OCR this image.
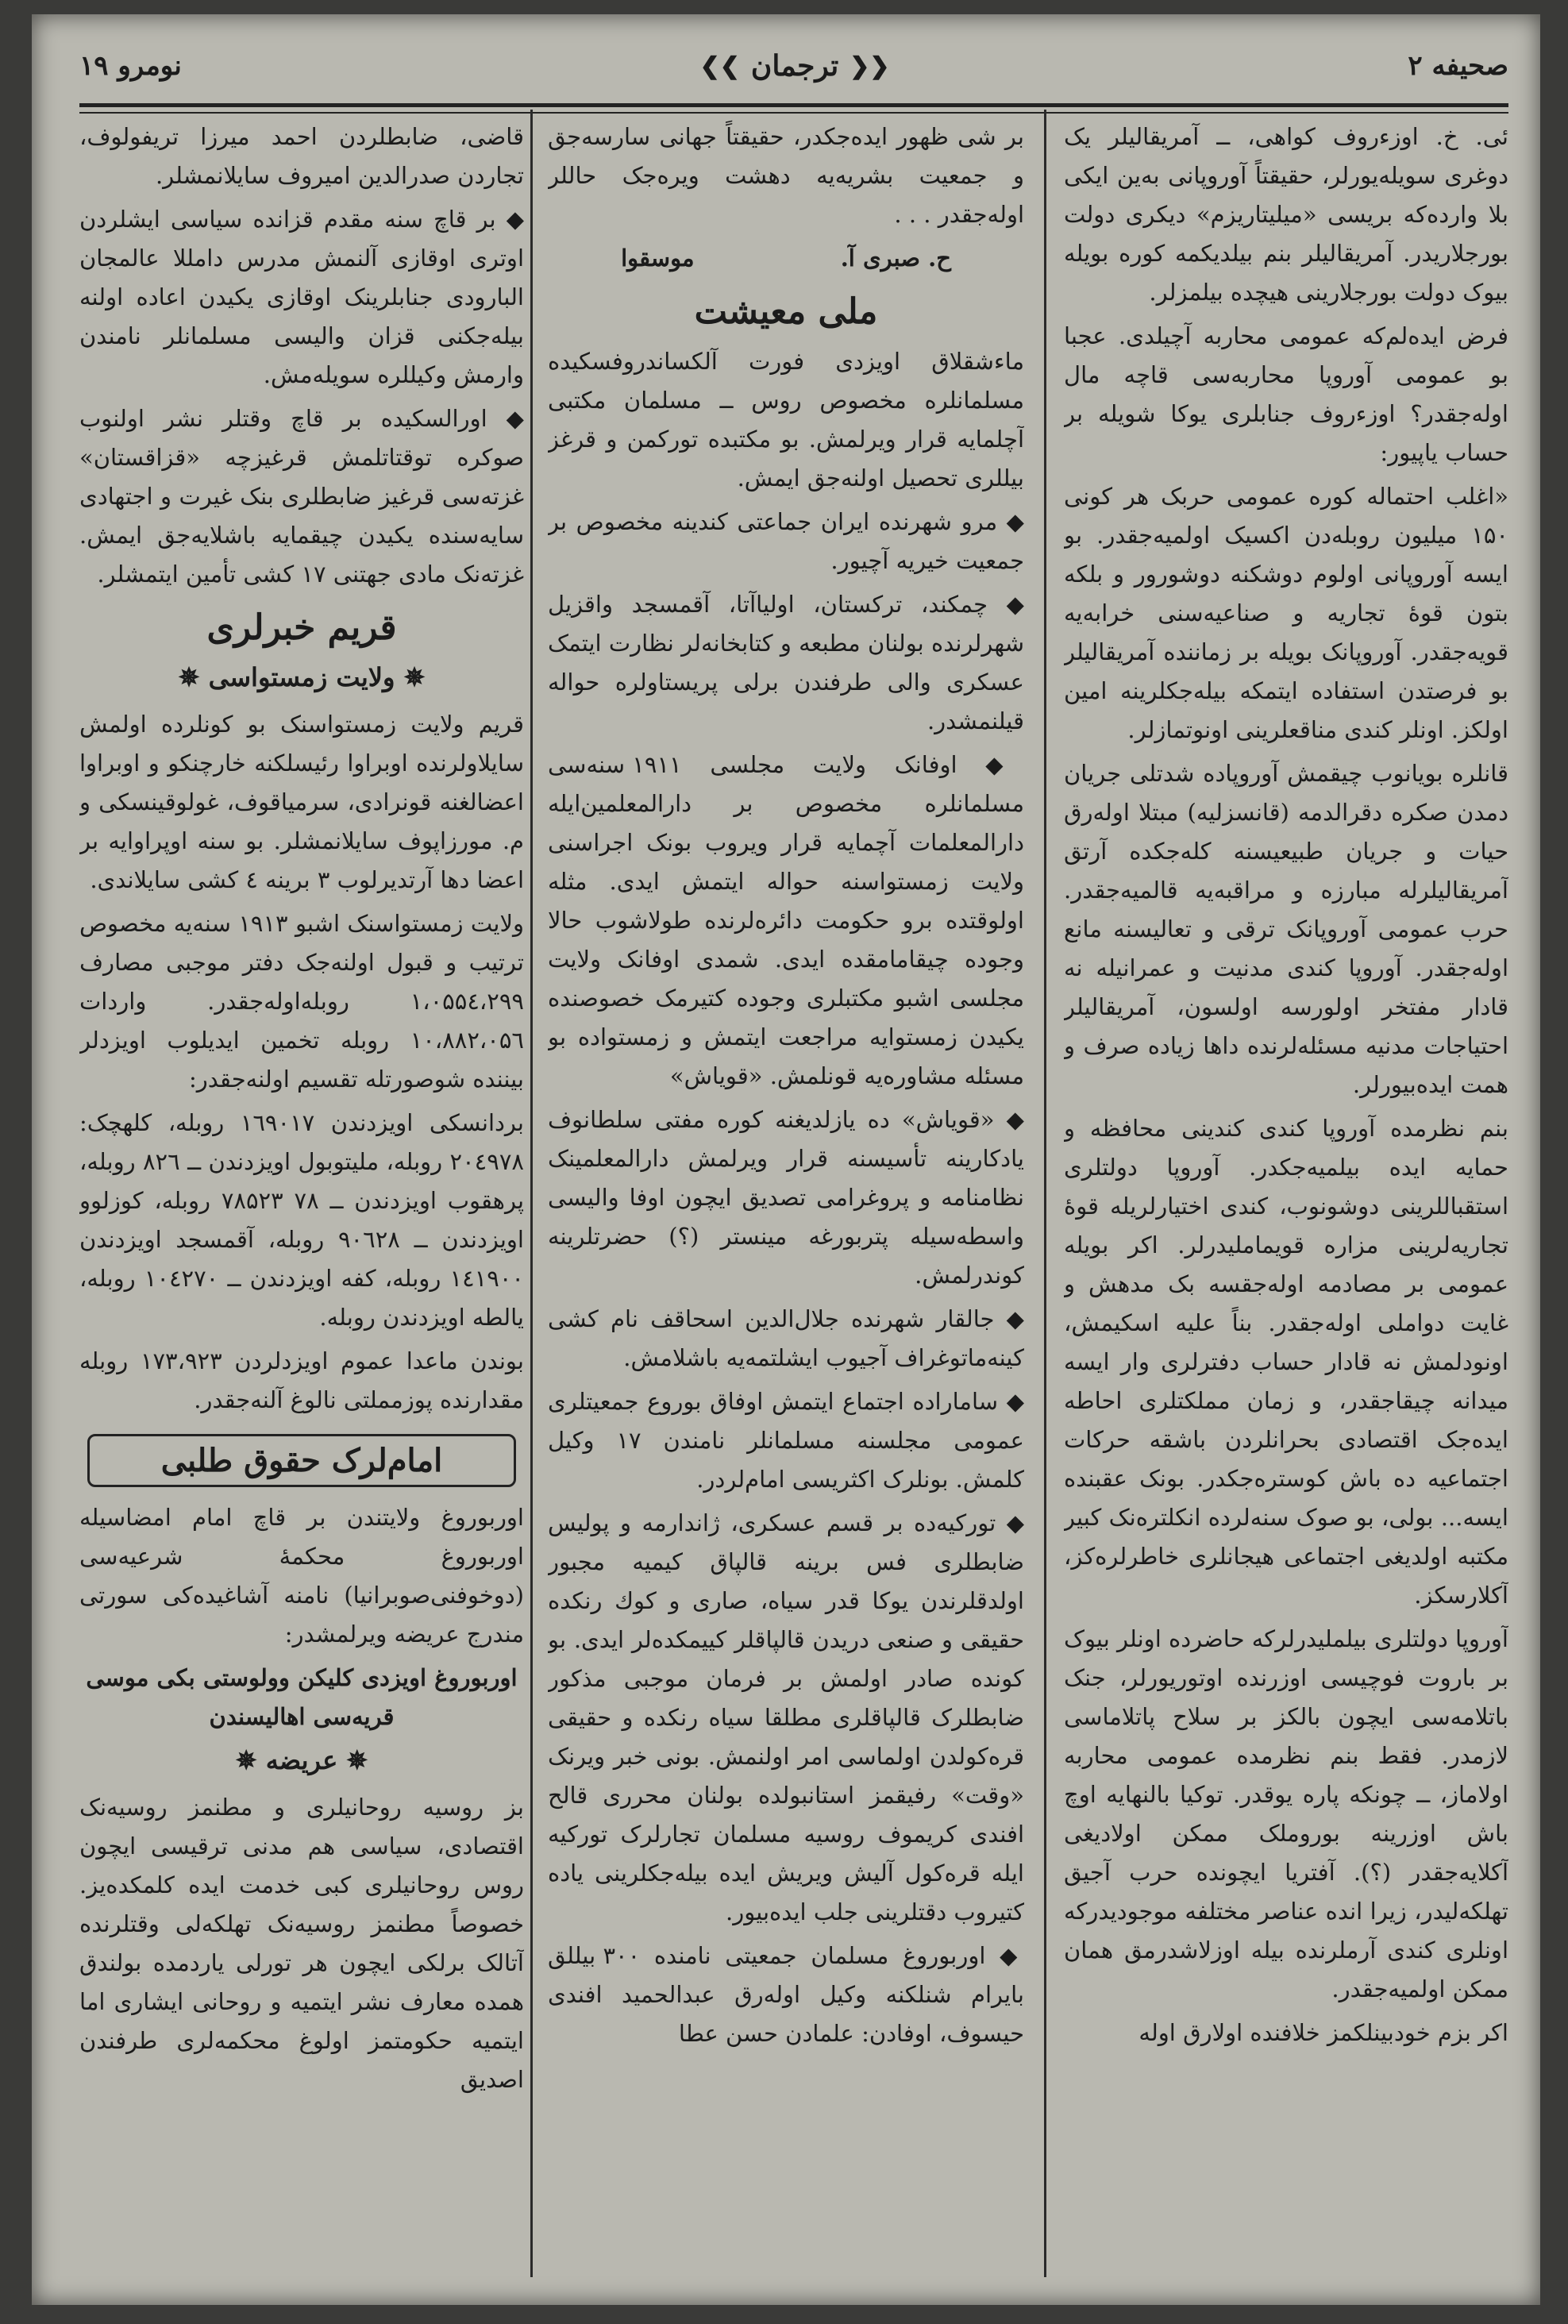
صحیفه ۲
❮❮
ترجمان
❯❯
نومرو ۱۹

ئی. خ. اوزءروف کواهی، ــ آمریقالیلر یک دوغری سویله‌یورلر، حقیقتاً آوروپانی بەین ایکی بلا وارده‌که بریسی «میلیتاریزم» دیکری دولت بورجلاریدر. آمریقالیلر بنم بیلدیکمه کوره بویله بیوک دولت بورجلارینی هیچده بیلمزلر.

فرض ایده‌لم‌که عمومی محاربه آچیلدی. عجبا بو عمومی آوروپا محاربه‌سی قاچه مال اوله‌جقدر؟ اوزءروف جنابلری یوکا شویله بر حساب یاپیور:

«اغلب احتماله کوره عمومی حربک هر کونی ۱۵۰ میلیون روبله‌دن اکسیک اولمیه‌جقدر. بو ایسه آوروپانی اولوم دوشکنه دوشورور و بلکه بتون قوهٔ تجاریه و صناعیه‌سنی خرابه‌یه قویه‌جقدر. آوروپانک بویله بر زماننده آمریقالیلر بو فرصتدن استفاده ایتمکه بیله‌جکلرینه امین اولکز. اونلر کندی مناقعلرینی اونوتمازلر.

قانلره بویانوب چیقمش آوروپاده شدتلی جریان دمدن صکره دقرالدمه (قانسزلیه) مبتلا اوله‌رق حیات و جریان طبیعیسنه کله‌جکده آرتق آمریقالیلرله مبارزه و مراقبه‌یه قالمیه‌جقدر. حرب عمومی آوروپانک ترقی و تعالیسنه مانع اوله‌جقدر. آوروپا کندی مدنیت و عمرانیله نه قادار مفتخر اولورسه اولسون، آمریقالیلر احتیاجات مدنیه مسئله‌لرنده داها زیاده صرف و همت ایده‌بیورلر.

بنم نظرمده آوروپا کندی کندینی محافظه و حمایه ایده بیلمیه‌جکدر. آوروپا دولتلری استقباللرینی دوشونوب، کندی اختیارلریله قوهٔ تجاریه‌لرینی مزاره قویماملیدرلر. اکر بویله عمومی بر مصادمه اوله‌جقسه بک مدهش و غایت دواملی اوله‌جقدر. بناً علیه اسکیمش، اونودلمش نه قادار حساب دفترلری وار ایسه میدانه چیقاجقدر، و زمان مملکتلری احاطه ایده‌جک اقتصادی بحرانلردن باشقه حرکات اجتماعیه ده باش کوستره‌جکدر. بونک عقبنده ایسه... بولی، بو صوک سنه‌لرده انکلتره‌نک کبیر مکتبه اولدیغی اجتماعی هیجانلری خاطرلره‌کز، آکلارسکز.

آوروپا دولتلری بیلملیدرلرکه حاضرده اونلر بیوک بر باروت فوچیسی اوزرنده اوتوریورلر، جنک باتلامه‌سی ایچون بالکز بر سلاح پاتلاماسی لازمدر. فقط بنم نظرمده عمومی محاربه اولاماز، ــ چونکه پاره یوقدر. توکیا بالنهایه اوچ باش اوزرینه بوروملک ممکن اولادیغی آکلایه‌جقدر (؟). آفتریا ایچونده حرب آجیق تهلکه‌لیدر، زیرا انده عناصر مختلفه موجودیدرکه اونلری کندی آرملرنده بیله اوزلاشدرمق همان ممکن اولمیه‌جقدر.

اکر بزم خودبینلکمز خلافنده اولارق اوله

بر شی ظهور ایده‌جکدر، حقیقتاً جهانی سارسه‌جق و جمعیت بشریه‌یه دهشت ویره‌جک حاللر اوله‌جقدر . . .

ح. صبری آ.
موسقوا
ملی معیشت

ماءشقلاق اویزدی فورت آلکساندروفسکیده مسلمانلره مخصوص روس ــ مسلمان مکتبی آچلمایه قرار ویرلمش. بو مکتبده توركمن و قرغز بیللری تحصیل اولنه‌جق ایمش.

◆ مرو شهرنده ایران جماعتی کندینه مخصوص بر جمعیت خیریه آچیور.

◆ چمکند، ترکستان، اولیاآتا، آقمسجد واقزیل شهرلرنده بولنان مطبعه و کتابخانه‌لر نظارت ایتمک عسکری والی طرفندن برلی پریستاولره حواله قیلنمشدر.

◆ اوفانک ولایت مجلسی ۱۹۱۱ سنه‌سی مسلمانلره مخصوص بر دارالمعلمین‌ایله دارالمعلمات آچمایه قرار ویروب بونک اجراسنی ولایت زمستواسنه حواله ایتمش ایدی. مثله اولوقتده برو حکومت دائره‌لرنده طولاشوب حالا وجوده چیقامامقده ایدی. شمدی اوفانک ولایت مجلسی اشبو مکتبلری وجوده کتیرمک خصوصنده یکیدن زمستوایه مراجعت ایتمش و زمستواده بو مسئله مشاوره‌یه قونلمش. «قویاش»

◆ «قویاش» ده یازلدیغنه کوره مفتی سلطانوف یادکارینه تأسیسنه قرار ویرلمش دارالمعلمینک نظامنامه و پروغرامی تصدیق ایچون اوفا والیسی واسطه‌سیله پتربورغه مینستر (؟) حضرتلرینه کوندرلمش.

◆ جالقار شهرنده جلال‌الدین اسحاقف نام کشی کینه‌ماتوغراف آجیوب ایشلتمه‌یه باشلامش.

◆ سامارادە اجتماع ایتمش اوفاق بوروع جمعیتلری عمومی مجلسنه مسلمانلر نامندن ۱۷ وکیل کلمش. بونلرک اکثریسی امام‌لردر.

◆ توركیه‌ده بر قسم عسکری، ژاندارمه و پولیس ضابطلری فس برینه قالپاق کیمیه مجبور اولدقلرندن یوکا قدر سیاه، صاری و کوك رنکده حقیقی و صنعی دریدن قالپاقلر کییمکده‌لر ایدی. بو کونده صادر اولمش بر فرمان موجبی مذکور ضابطلرک قالپاقلری مطلقا سیاه رنکده و حقیقی قره‌کولدن اولماسی امر اولنمش. بونی خبر ویرنک «وقت» رفیقمز استانبولده بولنان محرری قالح افندی کریموف روسیه مسلمان تجارلرک توركیه ایله قره‌کول آلیش ویریش ایده بیله‌جکلرینی یاده کتیروب دقتلرینی جلب ایده‌بیور.

◆ اوربوروغ مسلمان جمعیتی نامنده ۳۰۰ بیللق بایرام شنلکنه وکیل اوله‌رق عبدالحمید افندی حیسوف، اوفادن: علمادن حسن عطا

قاضی، ضابطلردن احمد میرزا تریفولوف، تجاردن صدرالدین امیروف سایلانمشلر.

◆ بر قاچ سنه مقدم قزانده سیاسی ایشلردن اوتری اوقازی آلنمش مدرس دامللا عالمجان البارودی جنابلرینک اوقازی یکیدن اعاده اولنه بیله‌جکنی قزان والیسی مسلمانلر نامندن وارمش وکیللره سویله‌مش.

◆ اورالسکیده بر قاچ وقتلر نشر اولنوب صوکره توقتاتلمش قرغیزچه «قزاقستان» غزته‌سی قرغیز ضابطلری بنک غیرت و اجتهادی سایه‌سنده یکیدن چیقمایه باشلایه‌جق ایمش. غزته‌نک مادی جهتنی ۱۷ کشی تأمین ایتمشلر.

قریم خبرلری
✵ ولایت زمستواسی ✵

قریم ولایت زمستواسنک بو کونلرده اولمش سایلاولرنده اوبراوا رئیسلکنه خارچنکو و اوبراوا اعضالغنه قونرادی، سرمیاقوف، غولوقینسکی و م. مورزاپوف سایلانمشلر. بو سنه اوپراوایه بر اعضا دها آرتدیرلوب ۳ برینه ٤ کشی سایلاندی.

ولایت زمستواسنک اشبو ۱۹۱۳ سنه‌یه مخصوص ترتیب و قبول اولنه‌جک دفتر موجبی مصارف ۱،۰۵۵٤،۲۹۹ روبله‌اوله‌جقدر. واردات ۱۰،۸۸۲،۰۵٦ روبله تخمین ایدیلوب اویزدلر بیننده شوصورتله تقسیم اولنه‌جقدر:

بردانسکی اویزدندن ۱٦۹۰۱۷ روبله، کلهچک: ۲۰٤۹۷۸ روبله، ملیتوبول اویزدندن ــ ۸۲٦ روبله، پرهقوب اویزدندن ــ ۷۸ ۷۸۵۲۳ روبله، کوزلوو اویزدندن ــ ۹۰٦۲۸ روبله، آقمسجد اویزدندن ۱٤۱۹۰۰ روبله، کفه اویزدندن ــ ۱۰٤۲۷۰ روبله، یالطه اویزدندن روبله.

بوندن ماعدا عموم اویزدلردن ۱۷۳،۹۲۳ روبله مقدارنده پوزمملتی نالوغ آلنه‌جقدر.

امام‌لرک حقوق طلبی

اوربوروغ ولایتندن بر قاچ امام امضاسیله اوربوروغ محکمهٔ شرعیه‌سی (دوخوفنی‌صوبرانیا) نامنه آشاغیده‌کی سورتی مندرج عریضه ویرلمشدر:

اوربوروغ اویزدی کلیکن وولوستی بکی موسی قریه‌سی اهالیسندن

✵ عریضه ✵

بز روسیه روحانیلری و مطنمز روسیه‌نک اقتصادی، سیاسی هم مدنی ترقیسی ایچون روس روحانیلری کبی خدمت ایده کلمکده‌یز. خصوصاً مطنمز روسیه‌نک تهلکه‌لی وقتلرنده آتالک برلکی ایچون هر تورلی یاردمده بولندق همده معارف نشر ایتمیه و روحانی ایشاری اما ایتمیه حکومتمز اولوغ محکمه‌لری طرفندن اصدیق
